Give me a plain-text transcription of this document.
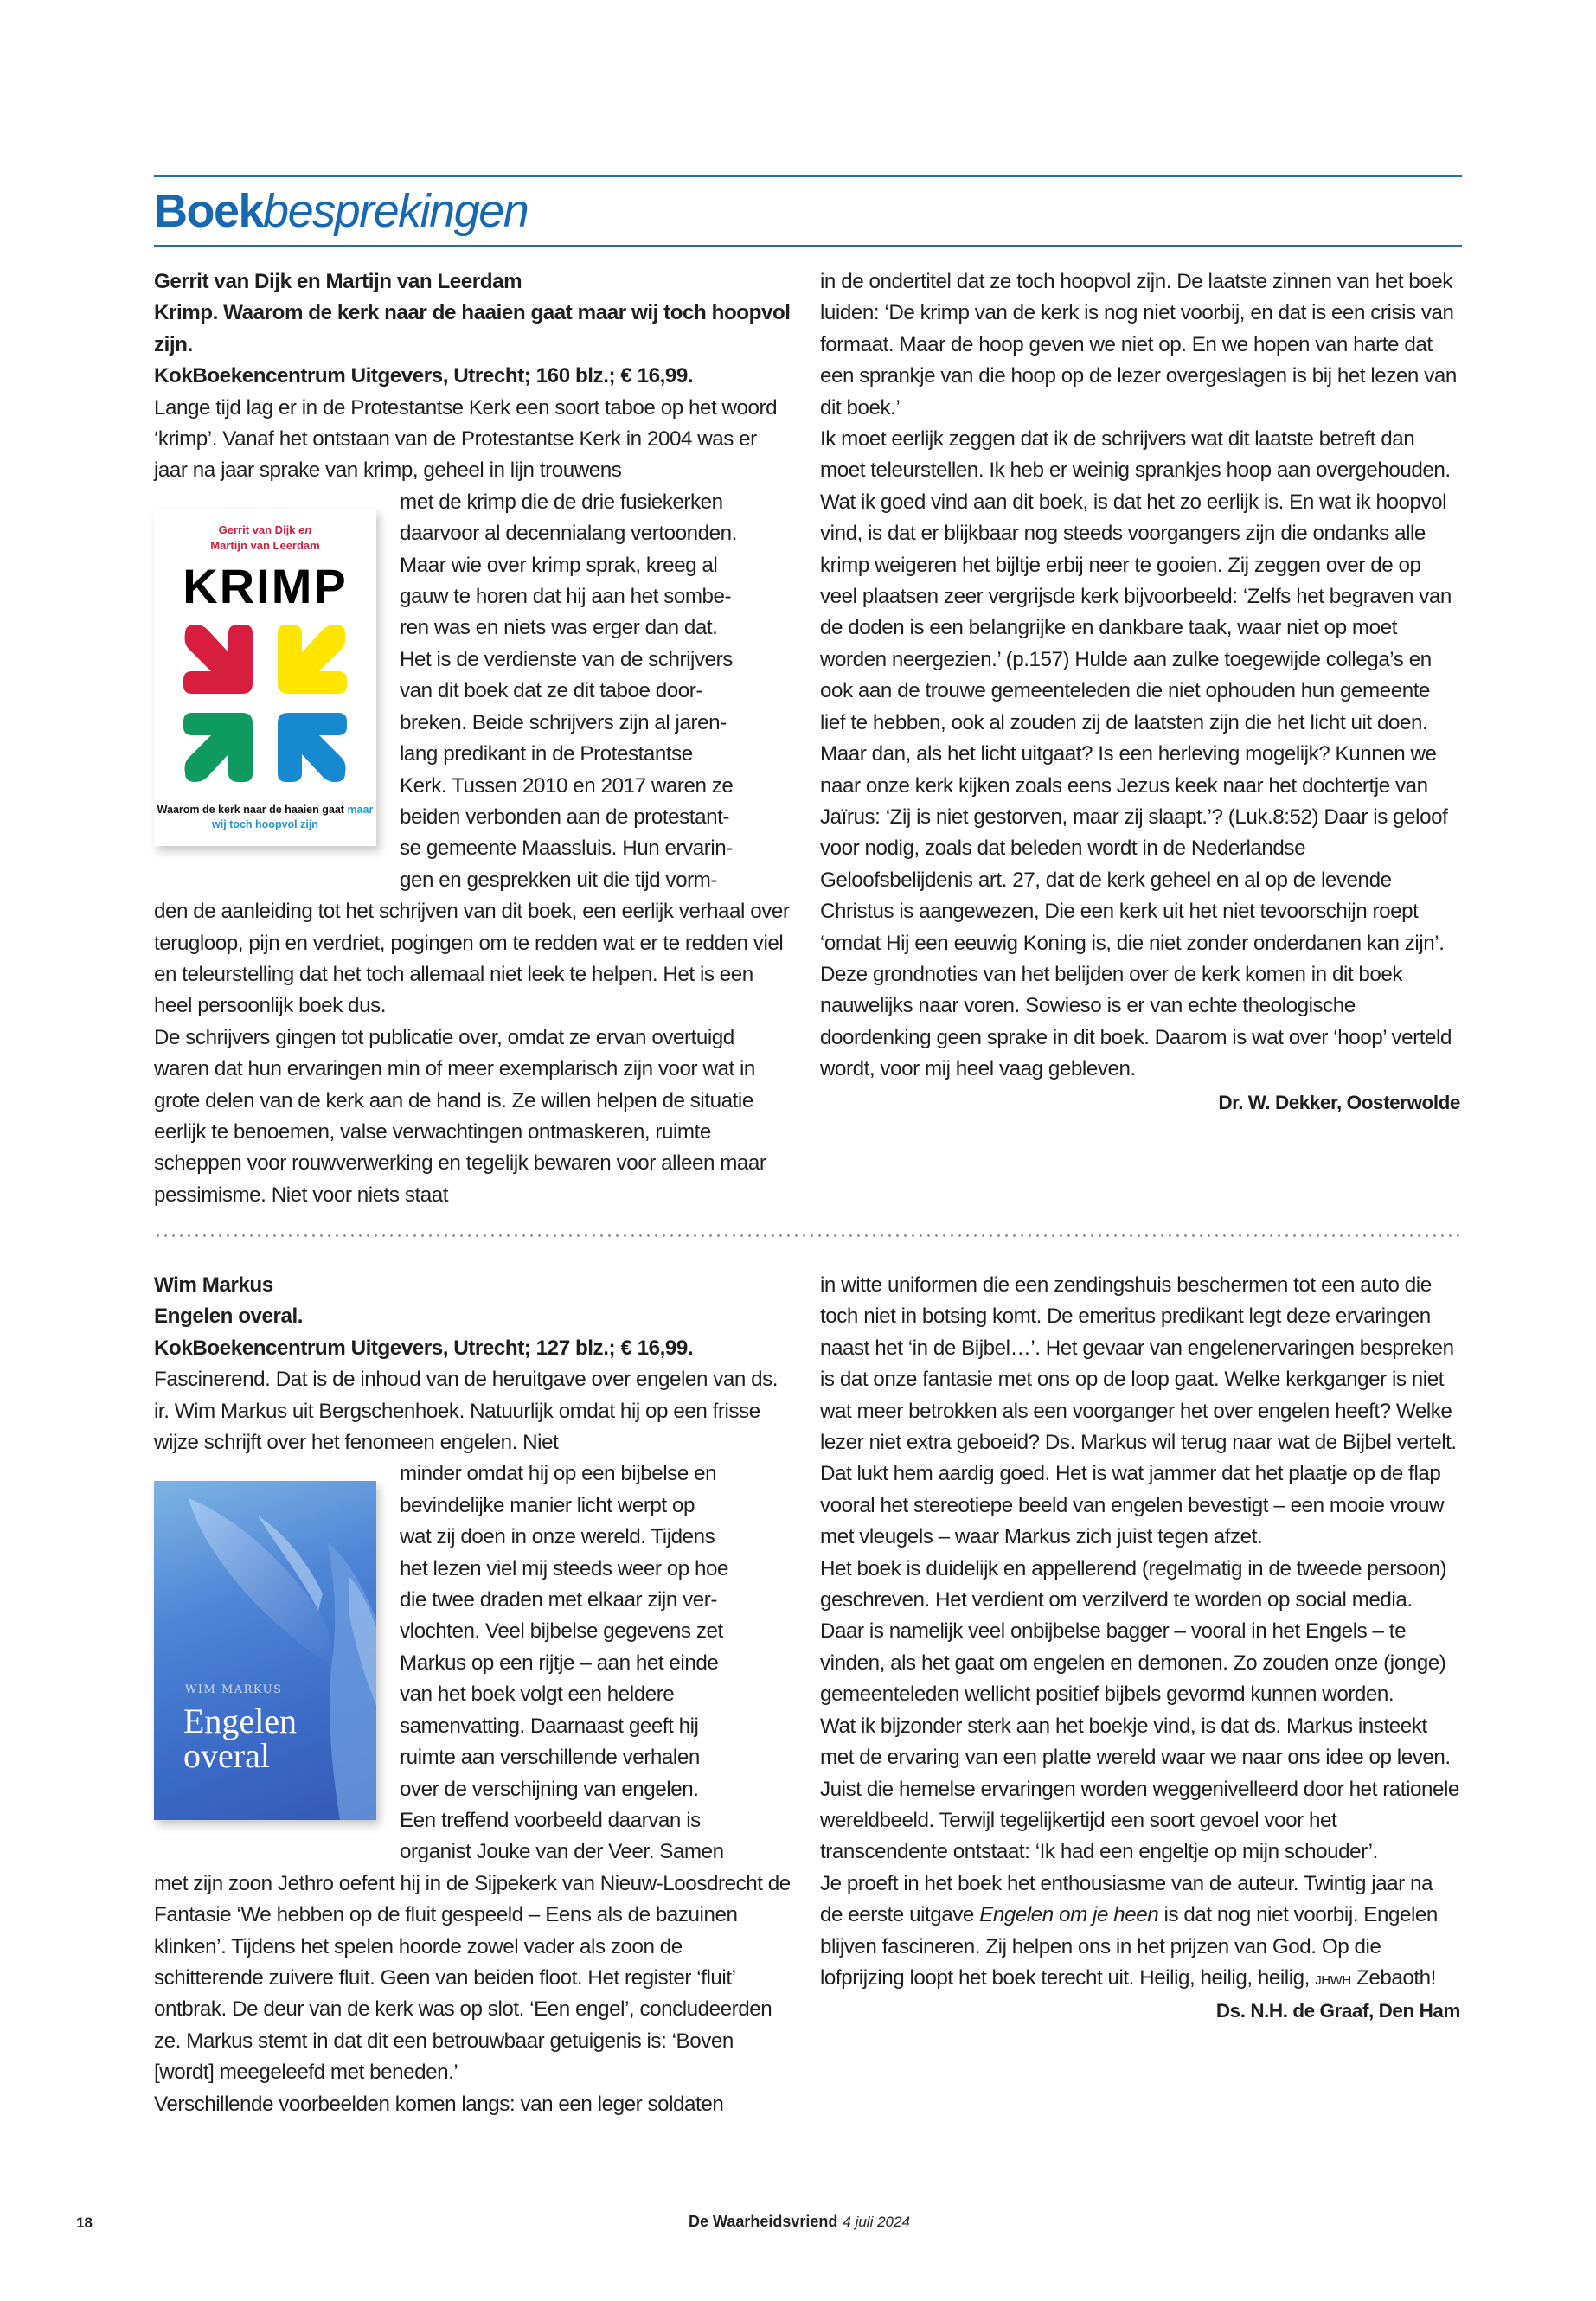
Boekbesprekingen

Gerrit van Dijk en Martijn van Leerdam

Krimp. Waarom de kerk naar de haaien gaat maar wij toch hoopvol zijn.

KokBoekencentrum Uitgevers, Utrecht; 160 blz.; € 16,99.

Lange tijd lag er in de Protestantse Kerk een soort taboe op het woord ‘krimp’. Vanaf het ontstaan van de Protestantse Kerk in 2004 was er jaar na jaar sprake van krimp, geheel in lijn trouwens

met de krimp die de drie fusiekerken
daarvoor al decennialang vertoonden.
Maar wie over krimp sprak, kreeg al
gauw te horen dat hij aan het sombe-
ren was en niets was erger dan dat.
Het is de verdienste van de schrijvers
van dit boek dat ze dit taboe door-
breken. Beide schrijvers zijn al jaren-
lang predikant in de Protestantse
Kerk. Tussen 2010 en 2017 waren ze
beiden verbonden aan de protestant-
se gemeente Maassluis. Hun ervarin-
gen en gesprekken uit die tijd vorm-

den de aanleiding tot het schrijven van dit boek, een eerlijk verhaal over terugloop, pijn en verdriet, pogingen om te redden wat er te redden viel en teleurstelling dat het toch allemaal niet leek te helpen. Het is een heel persoonlijk boek dus.

De schrijvers gingen tot publicatie over, omdat ze ervan overtuigd waren dat hun ervaringen min of meer exemplarisch zijn voor wat in grote delen van de kerk aan de hand is. Ze willen helpen de situatie eerlijk te benoemen, valse verwachtingen ontmaskeren, ruimte scheppen voor rouwverwerking en tegelijk bewaren voor alleen maar pessimisme. Niet voor niets staat

Gerrit van Dijk en
Martijn van Leerdam
KRIMP
Waarom de kerk naar de haaien gaat maar wij toch hoopvol zijn

in de ondertitel dat ze toch hoopvol zijn. De laatste zinnen van het boek luiden: ‘De krimp van de kerk is nog niet voorbij, en dat is een crisis van formaat. Maar de hoop geven we niet op. En we hopen van harte dat een sprankje van die hoop op de lezer overgeslagen is bij het lezen van dit boek.’

Ik moet eerlijk zeggen dat ik de schrijvers wat dit laatste betreft dan moet teleurstellen. Ik heb er weinig sprankjes hoop aan overgehouden. Wat ik goed vind aan dit boek, is dat het zo eerlijk is. En wat ik hoopvol vind, is dat er blijkbaar nog steeds voorgangers zijn die ondanks alle krimp weigeren het bijltje erbij neer te gooien. Zij zeggen over de op veel plaatsen zeer vergrijsde kerk bijvoorbeeld: ‘Zelfs het begraven van de doden is een belangrijke en dankbare taak, waar niet op moet worden neergezien.’ (p.157) Hulde aan zulke toegewijde collega’s en ook aan de trouwe gemeenteleden die niet ophouden hun gemeente lief te hebben, ook al zouden zij de laatsten zijn die het licht uit doen.

Maar dan, als het licht uitgaat? Is een herleving mogelijk? Kunnen we naar onze kerk kijken zoals eens Jezus keek naar het dochtertje van Jaïrus: ‘Zij is niet gestorven, maar zij slaapt.’? (Luk.8:52) Daar is geloof voor nodig, zoals dat beleden wordt in de Nederlandse Geloofsbelijdenis art. 27, dat de kerk geheel en al op de levende Christus is aangewezen, Die een kerk uit het niet tevoorschijn roept ‘omdat Hij een eeuwig Koning is, die niet zonder onderdanen kan zijn’. Deze grondnoties van het belijden over de kerk komen in dit boek nauwelijks naar voren. Sowieso is er van echte theologische doordenking geen sprake in dit boek. Daarom is wat over ‘hoop’ verteld wordt, voor mij heel vaag gebleven.

Dr. W. Dekker, Oosterwolde

Wim Markus

Engelen overal.

KokBoekencentrum Uitgevers, Utrecht; 127 blz.; € 16,99.

Fascinerend. Dat is de inhoud van de heruitgave over engelen van ds. ir. Wim Markus uit Bergschenhoek. Natuurlijk omdat hij op een frisse wijze schrijft over het fenomeen engelen. Niet

minder omdat hij op een bijbelse en
bevindelijke manier licht werpt op
wat zij doen in onze wereld. Tijdens
het lezen viel mij steeds weer op hoe
die twee draden met elkaar zijn ver-
vlochten. Veel bijbelse gegevens zet
Markus op een rijtje – aan het einde
van het boek volgt een heldere
samenvatting. Daarnaast geeft hij
ruimte aan verschillende verhalen
over de verschijning van engelen.
Een treffend voorbeeld daarvan is
organist Jouke van der Veer. Samen

met zijn zoon Jethro oefent hij in de Sijpekerk van Nieuw-Loosdrecht de Fantasie ‘We hebben op de fluit gespeeld – Eens als de bazuinen klinken’. Tijdens het spelen hoorde zowel vader als zoon de schitterende zuivere fluit. Geen van beiden floot. Het register ‘fluit’ ontbrak. De deur van de kerk was op slot. ‘Een engel’, concludeerden ze. Markus stemt in dat dit een betrouwbaar getuigenis is: ‘Boven [wordt] meegeleefd met beneden.’

Verschillende voorbeelden komen langs: van een leger soldaten

WIM MARKUS
Engelen
overal

in witte uniformen die een zendingshuis beschermen tot een auto die toch niet in botsing komt. De emeritus predikant legt deze ervaringen naast het ‘in de Bijbel…’. Het gevaar van engelenervaringen bespreken is dat onze fantasie met ons op de loop gaat. Welke kerkganger is niet wat meer betrokken als een voorganger het over engelen heeft? Welke lezer niet extra geboeid? Ds. Markus wil terug naar wat de Bijbel vertelt. Dat lukt hem aardig goed. Het is wat jammer dat het plaatje op de flap vooral het stereotiepe beeld van engelen bevestigt – een mooie vrouw met vleugels – waar Markus zich juist tegen afzet.

Het boek is duidelijk en appellerend (regelmatig in de tweede persoon) geschreven. Het verdient om verzilverd te worden op social media. Daar is namelijk veel onbijbelse bagger – vooral in het Engels – te vinden, als het gaat om engelen en demonen. Zo zouden onze (jonge) gemeenteleden wellicht positief bijbels gevormd kunnen worden.

Wat ik bijzonder sterk aan het boekje vind, is dat ds. Markus insteekt met de ervaring van een platte wereld waar we naar ons idee op leven. Juist die hemelse ervaringen worden weggenivelleerd door het rationele wereldbeeld. Terwijl tegelijkertijd een soort gevoel voor het transcendente ontstaat: ‘Ik had een engeltje op mijn schouder’.

Je proeft in het boek het enthousiasme van de auteur. Twintig jaar na de eerste uitgave Engelen om je heen is dat nog niet voorbij. Engelen blijven fascineren. Zij helpen ons in het prijzen van God. Op die lofprijzing loopt het boek terecht uit. Heilig, heilig, heilig, jhwh Zebaoth!

Ds. N.H. de Graaf, Den Ham

18	De Waarheidsvriend 4 juli 2024
